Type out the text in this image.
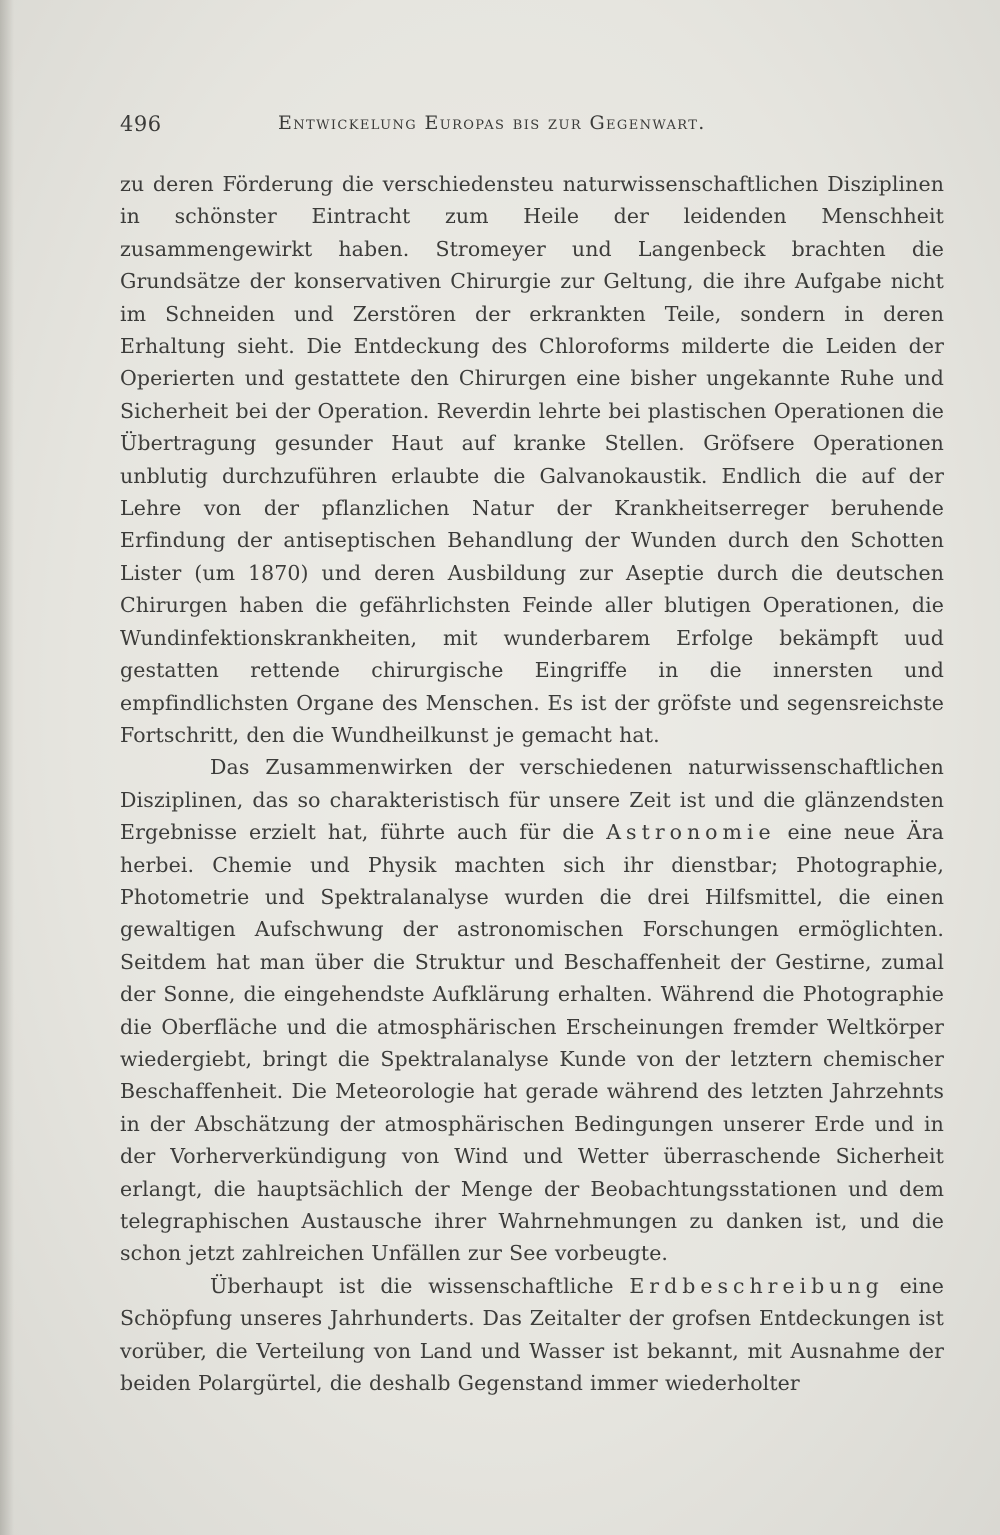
496	Entwickelung Europas bis zur Gegenwart.

zu deren Förderung die verschiedensteu naturwissenschaftlichen Disziplinen in schönster Eintracht zum Heile der leidenden Menschheit zusammengewirkt haben. Stromeyer und Langenbeck brachten die Grundsätze der konservativen Chirurgie zur Geltung, die ihre Aufgabe nicht im Schneiden und Zerstören der erkrankten Teile, sondern in deren Erhaltung sieht. Die Entdeckung des Chloroforms milderte die Leiden der Operierten und gestattete den Chirurgen eine bisher ungekannte Ruhe und Sicherheit bei der Operation. Reverdin lehrte bei plastischen Operationen die Übertragung gesunder Haut auf kranke Stellen. Gröfsere Operationen unblutig durchzuführen erlaubte die Galvanokaustik. Endlich die auf der Lehre von der pflanzlichen Natur der Krankheitserreger beruhende Erfindung der antiseptischen Behandlung der Wunden durch den Schotten Lister (um 1870) und deren Ausbildung zur Aseptie durch die deutschen Chirurgen haben die gefährlichsten Feinde aller blutigen Operationen, die Wundinfektionskrankheiten, mit wunderbarem Erfolge bekämpft uud gestatten rettende chirurgische Eingriffe in die innersten und empfindlichsten Organe des Menschen. Es ist der gröfste und segensreichste Fortschritt, den die Wundheilkunst je gemacht hat.

Das Zusammenwirken der verschiedenen naturwissenschaftlichen Disziplinen, das so charakteristisch für unsere Zeit ist und die glänzendsten Ergebnisse erzielt hat, führte auch für die Astronomie eine neue Ära herbei. Chemie und Physik machten sich ihr dienstbar; Photographie, Photometrie und Spektralanalyse wurden die drei Hilfsmittel, die einen gewaltigen Aufschwung der astronomischen Forschungen ermöglichten. Seitdem hat man über die Struktur und Beschaffenheit der Gestirne, zumal der Sonne, die eingehendste Aufklärung erhalten. Während die Photographie die Oberfläche und die atmosphärischen Erscheinungen fremder Weltkörper wiedergiebt, bringt die Spektralanalyse Kunde von der letztern chemischer Beschaffenheit. Die Meteorologie hat gerade während des letzten Jahrzehnts in der Abschätzung der atmosphärischen Bedingungen unserer Erde und in der Vorherverkündigung von Wind und Wetter überraschende Sicherheit erlangt, die hauptsächlich der Menge der Beobachtungsstationen und dem telegraphischen Austausche ihrer Wahrnehmungen zu danken ist, und die schon jetzt zahlreichen Unfällen zur See vorbeugte.

Überhaupt ist die wissenschaftliche Erdbeschreibung eine Schöpfung unseres Jahrhunderts. Das Zeitalter der grofsen Entdeckungen ist vorüber, die Verteilung von Land und Wasser ist bekannt, mit Ausnahme der beiden Polargürtel, die deshalb Gegenstand immer wiederholter
